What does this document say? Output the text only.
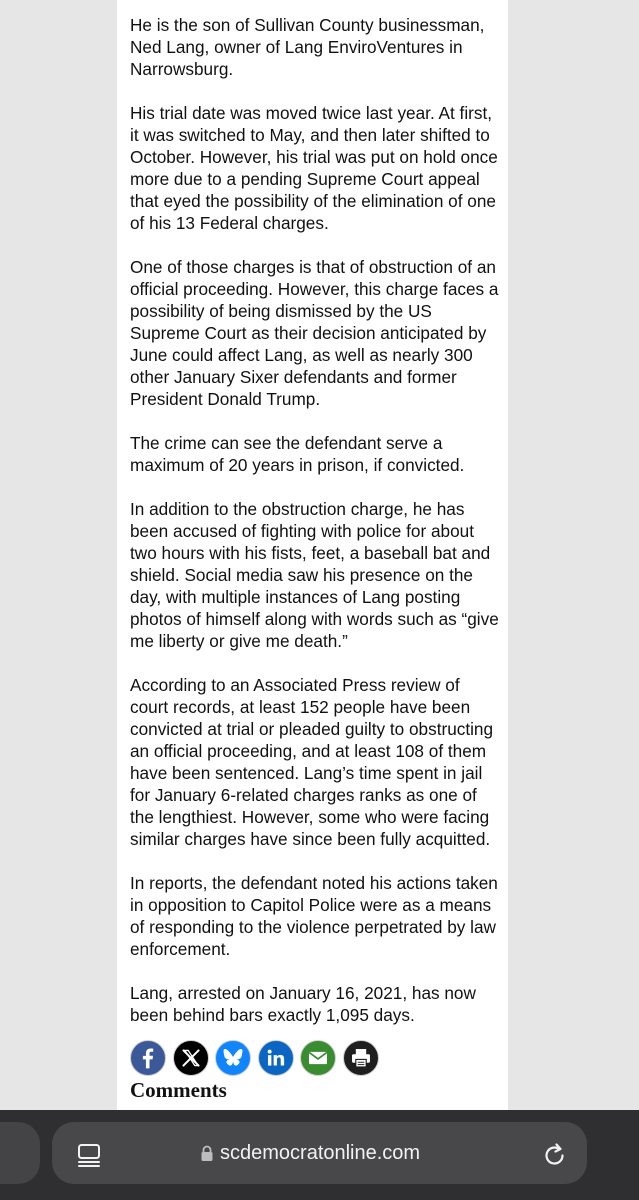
He is the son of Sullivan County businessman, Ned Lang, owner of Lang EnviroVentures in Narrowsburg.

His trial date was moved twice last year. At first, it was switched to May, and then later shifted to October. However, his trial was put on hold once more due to a pending Supreme Court appeal that eyed the possibility of the elimination of one of his 13 Federal charges.

One of those charges is that of obstruction of an official proceeding. However, this charge faces a possibility of being dismissed by the US Supreme Court as their decision anticipated by June could affect Lang, as well as nearly 300 other January Sixer defendants and former President Donald Trump.

The crime can see the defendant serve a maximum of 20 years in prison, if convicted.

In addition to the obstruction charge, he has been accused of fighting with police for about two hours with his fists, feet, a baseball bat and shield. Social media saw his presence on the day, with multiple instances of Lang posting photos of himself along with words such as “give me liberty or give me death.”

According to an Associated Press review of court records, at least 152 people have been convicted at trial or pleaded guilty to obstructing an official proceeding, and at least 108 of them have been sentenced. Lang’s time spent in jail for January 6-related charges ranks as one of the lengthiest. However, some who were facing similar charges have since been fully acquitted.

In reports, the defendant noted his actions taken in opposition to Capitol Police were as a means of responding to the violence perpetrated by law enforcement.

Lang, arrested on January 16, 2021, has now been behind bars exactly 1,095 days.

Comments
scdemocratonline.com
